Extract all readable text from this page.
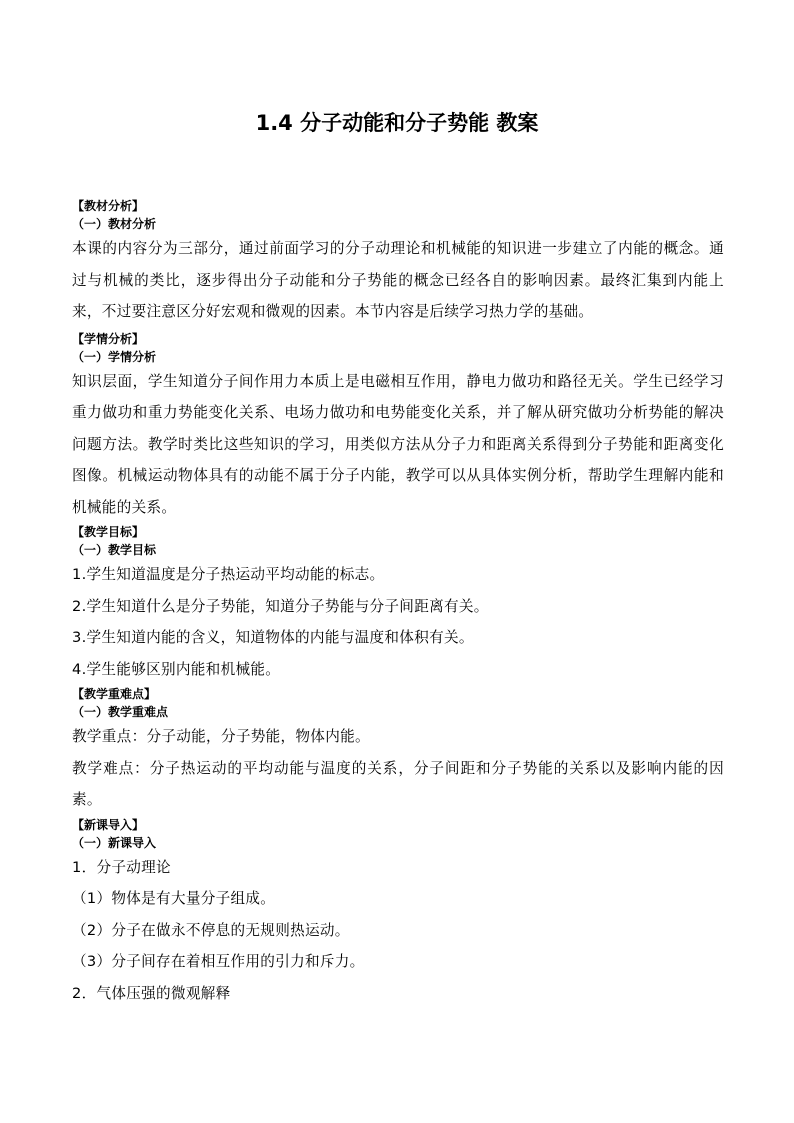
1.4 分子动能和分子势能 教案

【教材分析】

（一）教材分析

本课的内容分为三部分，通过前面学习的分子动理论和机械能的知识进一步建立了内能的概念。通过与机械的类比，逐步得出分子动能和分子势能的概念已经各自的影响因素。最终汇集到内能上来，不过要注意区分好宏观和微观的因素。本节内容是后续学习热力学的基础。

【学情分析】

（一）学情分析

知识层面，学生知道分子间作用力本质上是电磁相互作用，静电力做功和路径无关。学生已经学习重力做功和重力势能变化关系、电场力做功和电势能变化关系，并了解从研究做功分析势能的解决问题方法。教学时类比这些知识的学习，用类似方法从分子力和距离关系得到分子势能和距离变化图像。机械运动物体具有的动能不属于分子内能，教学可以从具体实例分析，帮助学生理解内能和机械能的关系。

【教学目标】

（一）教学目标

1.学生知道温度是分子热运动平均动能的标志。

2.学生知道什么是分子势能，知道分子势能与分子间距离有关。

3.学生知道内能的含义，知道物体的内能与温度和体积有关。

4.学生能够区别内能和机械能。

【教学重难点】

（一）教学重难点

教学重点：分子动能，分子势能，物体内能。

教学难点：分子热运动的平均动能与温度的关系，分子间距和分子势能的关系以及影响内能的因素。

【新课导入】

（一）新课导入

1．分子动理论

（1）物体是有大量分子组成。

（2）分子在做永不停息的无规则热运动。

（3）分子间存在着相互作用的引力和斥力。

2．气体压强的微观解释
